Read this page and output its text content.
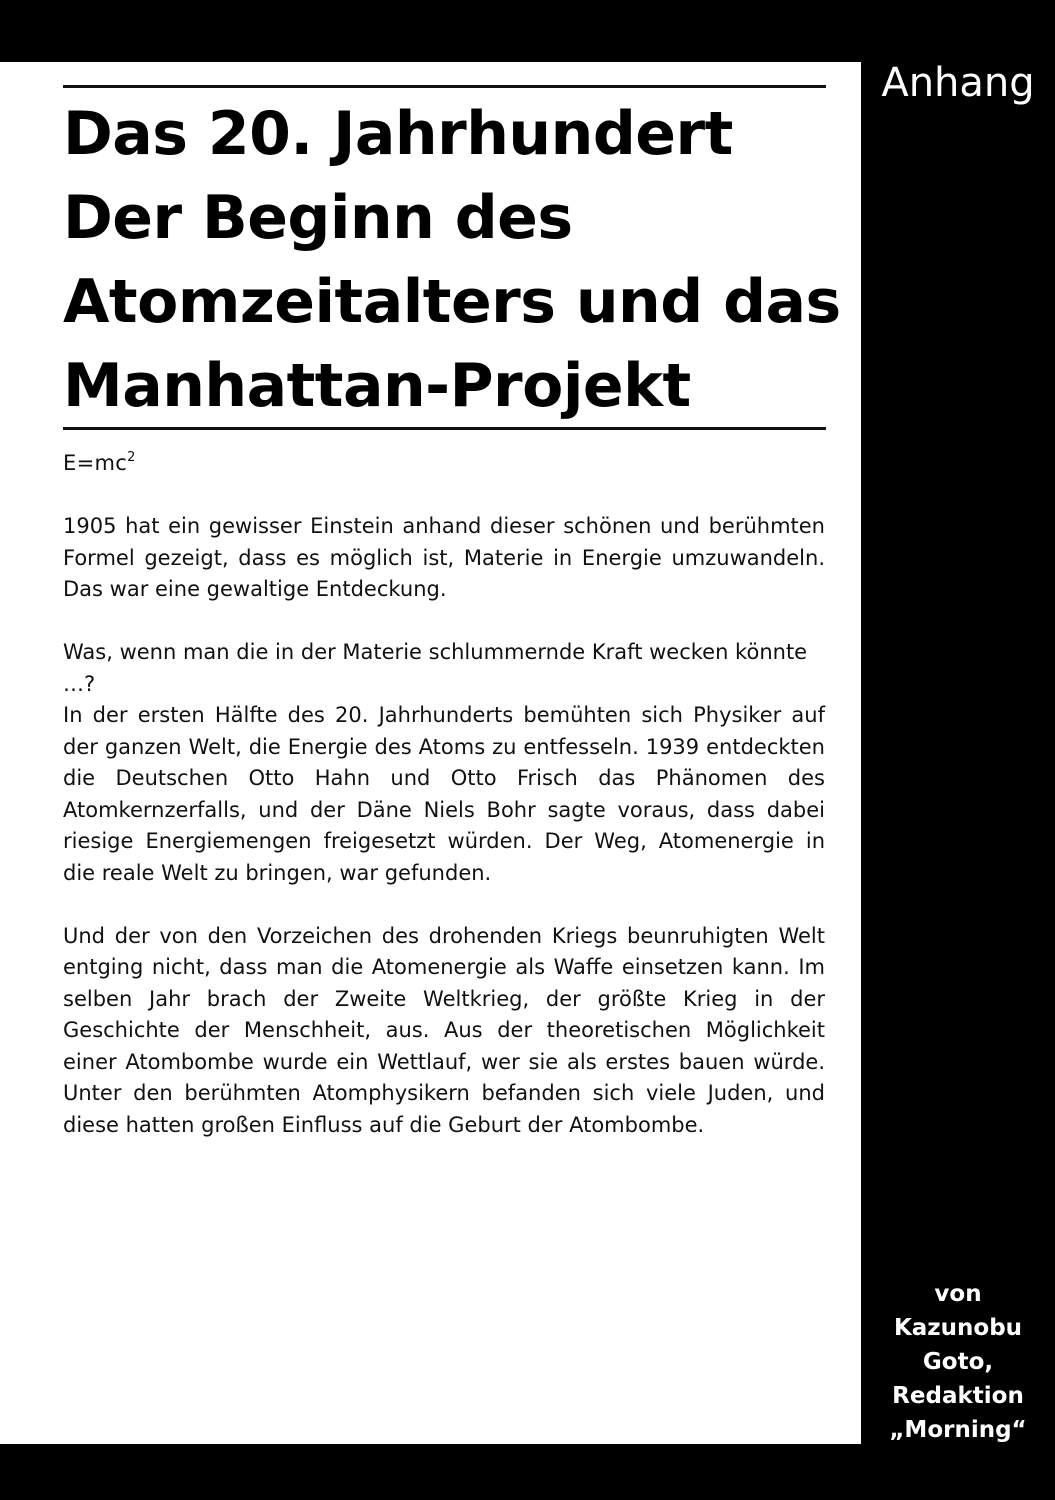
Das 20. Jahrhundert
Der Beginn des
Atomzeitalters und das
Manhattan-Projekt

$E=mc^2$

1905 hat ein gewisser Einstein anhand dieser schönen und berühmten Formel gezeigt, dass es möglich ist, Materie in Energie umzuwandeln. Das war eine gewaltige Entdeckung.

Was, wenn man die in der Materie schlummernde Kraft wecken könnte …?

In der ersten Hälfte des 20. Jahrhunderts bemühten sich Physiker auf der ganzen Welt, die Energie des Atoms zu entfesseln. 1939 entdeckten die Deutschen Otto Hahn und Otto Frisch das Phänomen des Atomkernzerfalls, und der Däne Niels Bohr sagte voraus, dass dabei riesige Energiemengen freigesetzt würden. Der Weg, Atomenergie in die reale Welt zu bringen, war gefunden.

Und der von den Vorzeichen des drohenden Kriegs beunruhigten Welt entging nicht, dass man die Atomenergie als Waffe einsetzen kann. Im selben Jahr brach der Zweite Weltkrieg, der größte Krieg in der Geschichte der Menschheit, aus. Aus der theoretischen Möglichkeit einer Atombombe wurde ein Wettlauf, wer sie als erstes bauen würde. Unter den berühmten Atomphysikern befanden sich viele Juden, und diese hatten großen Einfluss auf die Geburt der Atombombe.

Anhang
von
Kazunobu
Goto,
Redaktion
„Morning“
